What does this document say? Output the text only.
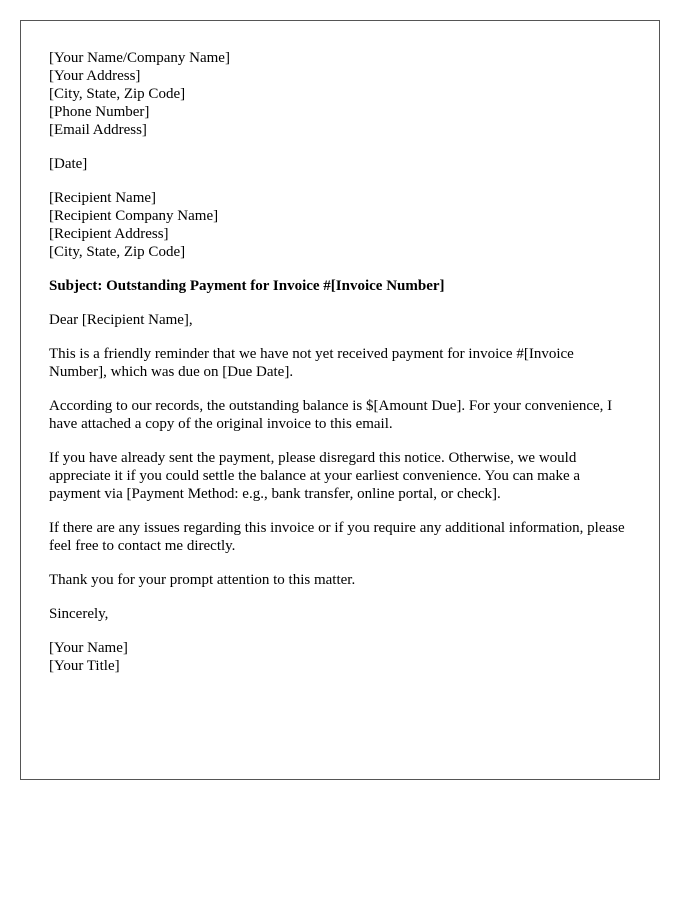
[Your Name/Company Name]
[Your Address]
[City, State, Zip Code]
[Phone Number]
[Email Address]
[Date]
[Recipient Name]
[Recipient Company Name]
[Recipient Address]
[City, State, Zip Code]

Subject: Outstanding Payment for Invoice #[Invoice Number]

Dear [Recipient Name],

This is a friendly reminder that we have not yet received payment for invoice #[Invoice Number], which was due on [Due Date].

According to our records, the outstanding balance is $[Amount Due]. For your convenience, I have attached a copy of the original invoice to this email.

If you have already sent the payment, please disregard this notice. Otherwise, we would appreciate it if you could settle the balance at your earliest convenience. You can make a payment via [Payment Method: e.g., bank transfer, online portal, or check].

If there are any issues regarding this invoice or if you require any additional information, please feel free to contact me directly.

Thank you for your prompt attention to this matter.

Sincerely,

[Your Name]
[Your Title]
